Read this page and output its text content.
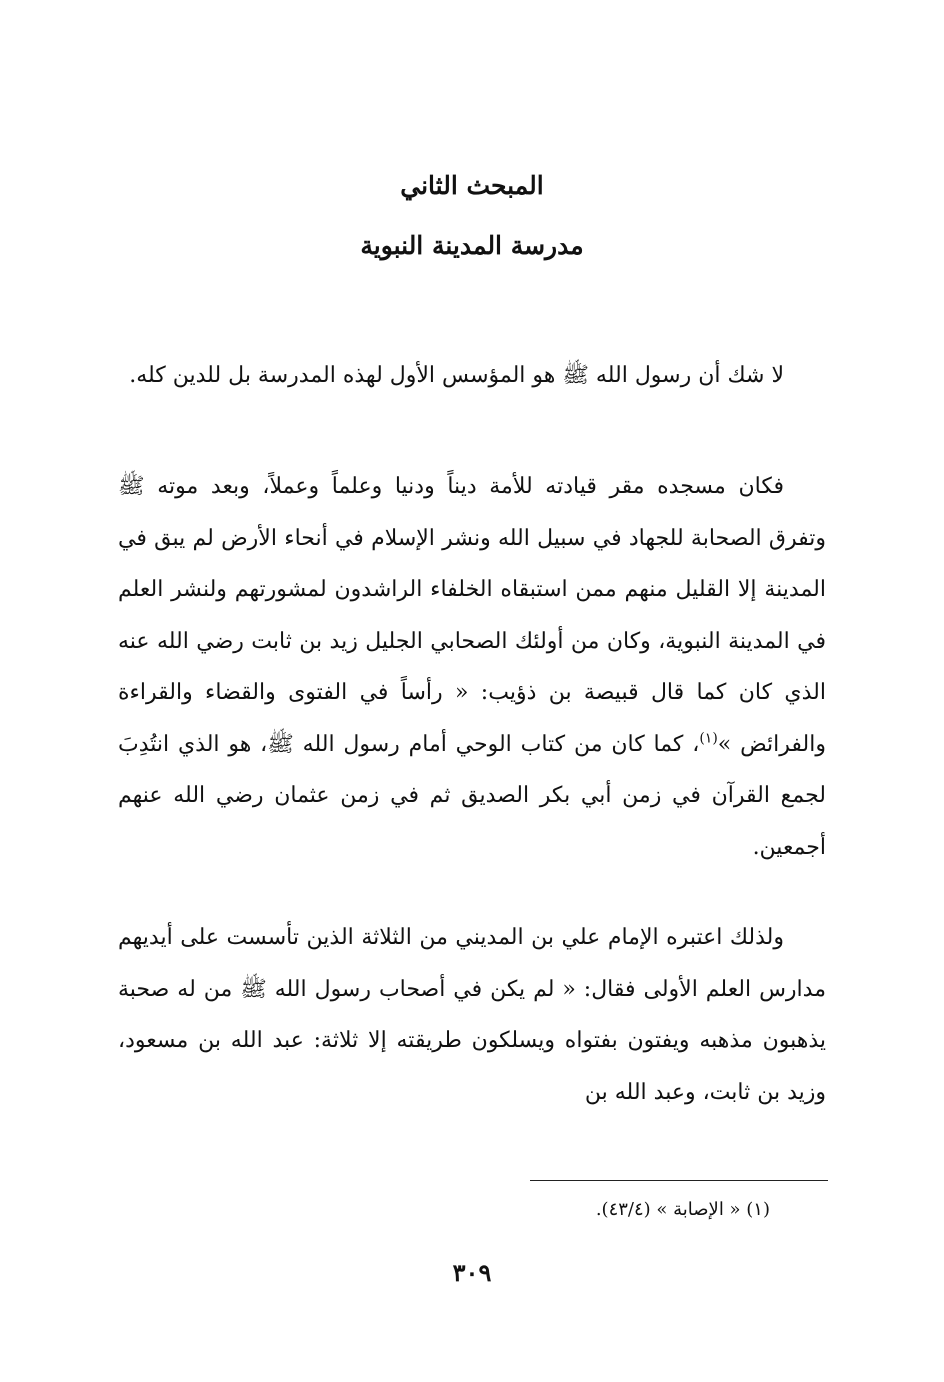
المبحث الثاني
مدرسة المدينة النبوية

لا شك أن رسول الله ﷺ هو المؤسس الأول لهذه المدرسة بل للدين كله.

فكان مسجده مقر قيادته للأمة ديناً ودنيا وعلماً وعملاً، وبعد موته ﷺ وتفرق الصحابة للجهاد في سبيل الله ونشر الإسلام في أنحاء الأرض لم يبق في المدينة إلا القليل منهم ممن استبقاه الخلفاء الراشدون لمشورتهم ولنشر العلم في المدينة النبوية، وكان من أولئك الصحابي الجليل زيد بن ثابت رضي الله عنه الذي كان كما قال قبيصة بن ذؤيب: « رأساً في الفتوى والقضاء والقراءة والفرائض »$^{(١)}$، كما كان من كتاب الوحي أمام رسول الله ﷺ، هو الذي انتُدِبَ لجمع القرآن في زمن أبي بكر الصديق ثم في زمن عثمان رضي الله عنهم أجمعين.

ولذلك اعتبره الإمام علي بن المديني من الثلاثة الذين تأسست على أيديهم مدارس العلم الأولى فقال: « لم يكن في أصحاب رسول الله ﷺ من له صحبة يذهبون مذهبه ويفتون بفتواه ويسلكون طريقته إلا ثلاثة: عبد الله بن مسعود، وزيد بن ثابت، وعبد الله بن

(١) « الإصابة » (٤٣/٤).
٣٠٩
